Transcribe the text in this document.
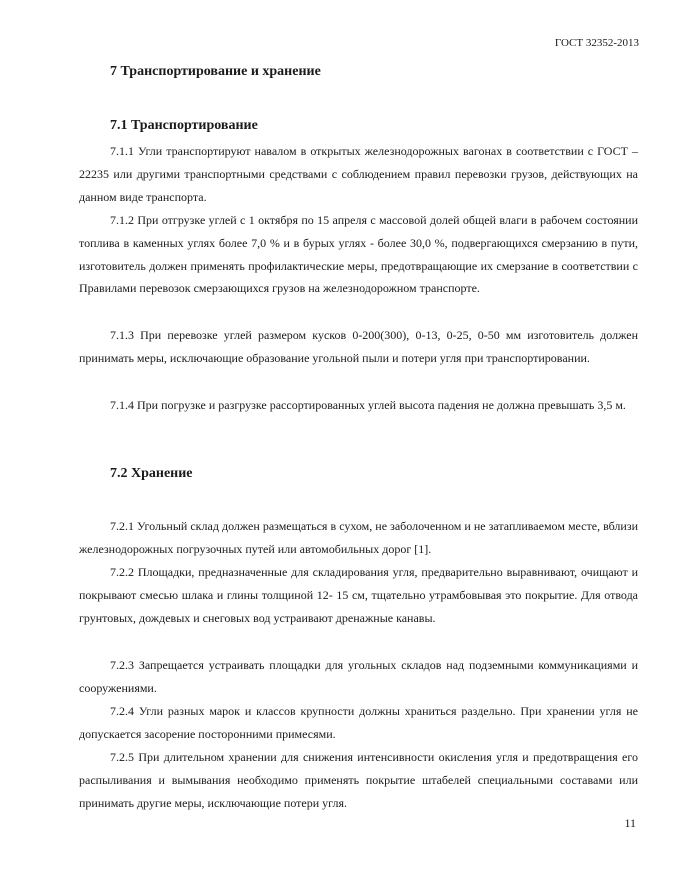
ГОСТ 32352-2013
7 Транспортирование и хранение
7.1 Транспортирование
7.1.1 Угли транспортируют навалом в открытых железнодорожных вагонах в соответствии с ГОСТ – 22235 или другими транспортными средствами с соблюдением правил перевозки грузов, действующих на данном виде транспорта.
7.1.2 При отгрузке углей с 1 октября по 15 апреля с массовой долей общей влаги в рабочем состоянии топлива в каменных углях более 7,0 % и в бурых углях - более 30,0 %, подвергающихся смерзанию в пути, изготовитель должен применять профилактические меры, предотвращающие их смерзание в соответствии с Правилами перевозок смерзающихся грузов на железнодорожном транспорте.
7.1.3 При перевозке углей размером кусков 0-200(300), 0-13, 0-25, 0-50 мм изготовитель должен принимать меры, исключающие образование угольной пыли и потери угля при транспортировании.
7.1.4 При погрузке и разгрузке рассортированных углей высота падения не должна превышать 3,5 м.
7.2 Хранение
7.2.1 Угольный склад должен размещаться в сухом, не заболоченном и не затапливаемом месте, вблизи железнодорожных погрузочных путей или автомобильных дорог [1].
7.2.2 Площадки, предназначенные для складирования угля, предварительно выравнивают, очищают и покрывают смесью шлака и глины толщиной 12- 15 см, тщательно утрамбовывая это покрытие. Для отвода грунтовых, дождевых и снеговых вод устраивают дренажные канавы.
7.2.3 Запрещается устраивать площадки для угольных складов над подземными коммуникациями и сооружениями.
7.2.4 Угли разных марок и классов крупности должны храниться раздельно. При хранении угля не допускается засорение посторонними примесями.
7.2.5 При длительном хранении для снижения интенсивности окисления угля и предотвращения его распыливания и вымывания необходимо применять покрытие штабелей специальными составами или принимать другие меры, исключающие потери угля.
11
